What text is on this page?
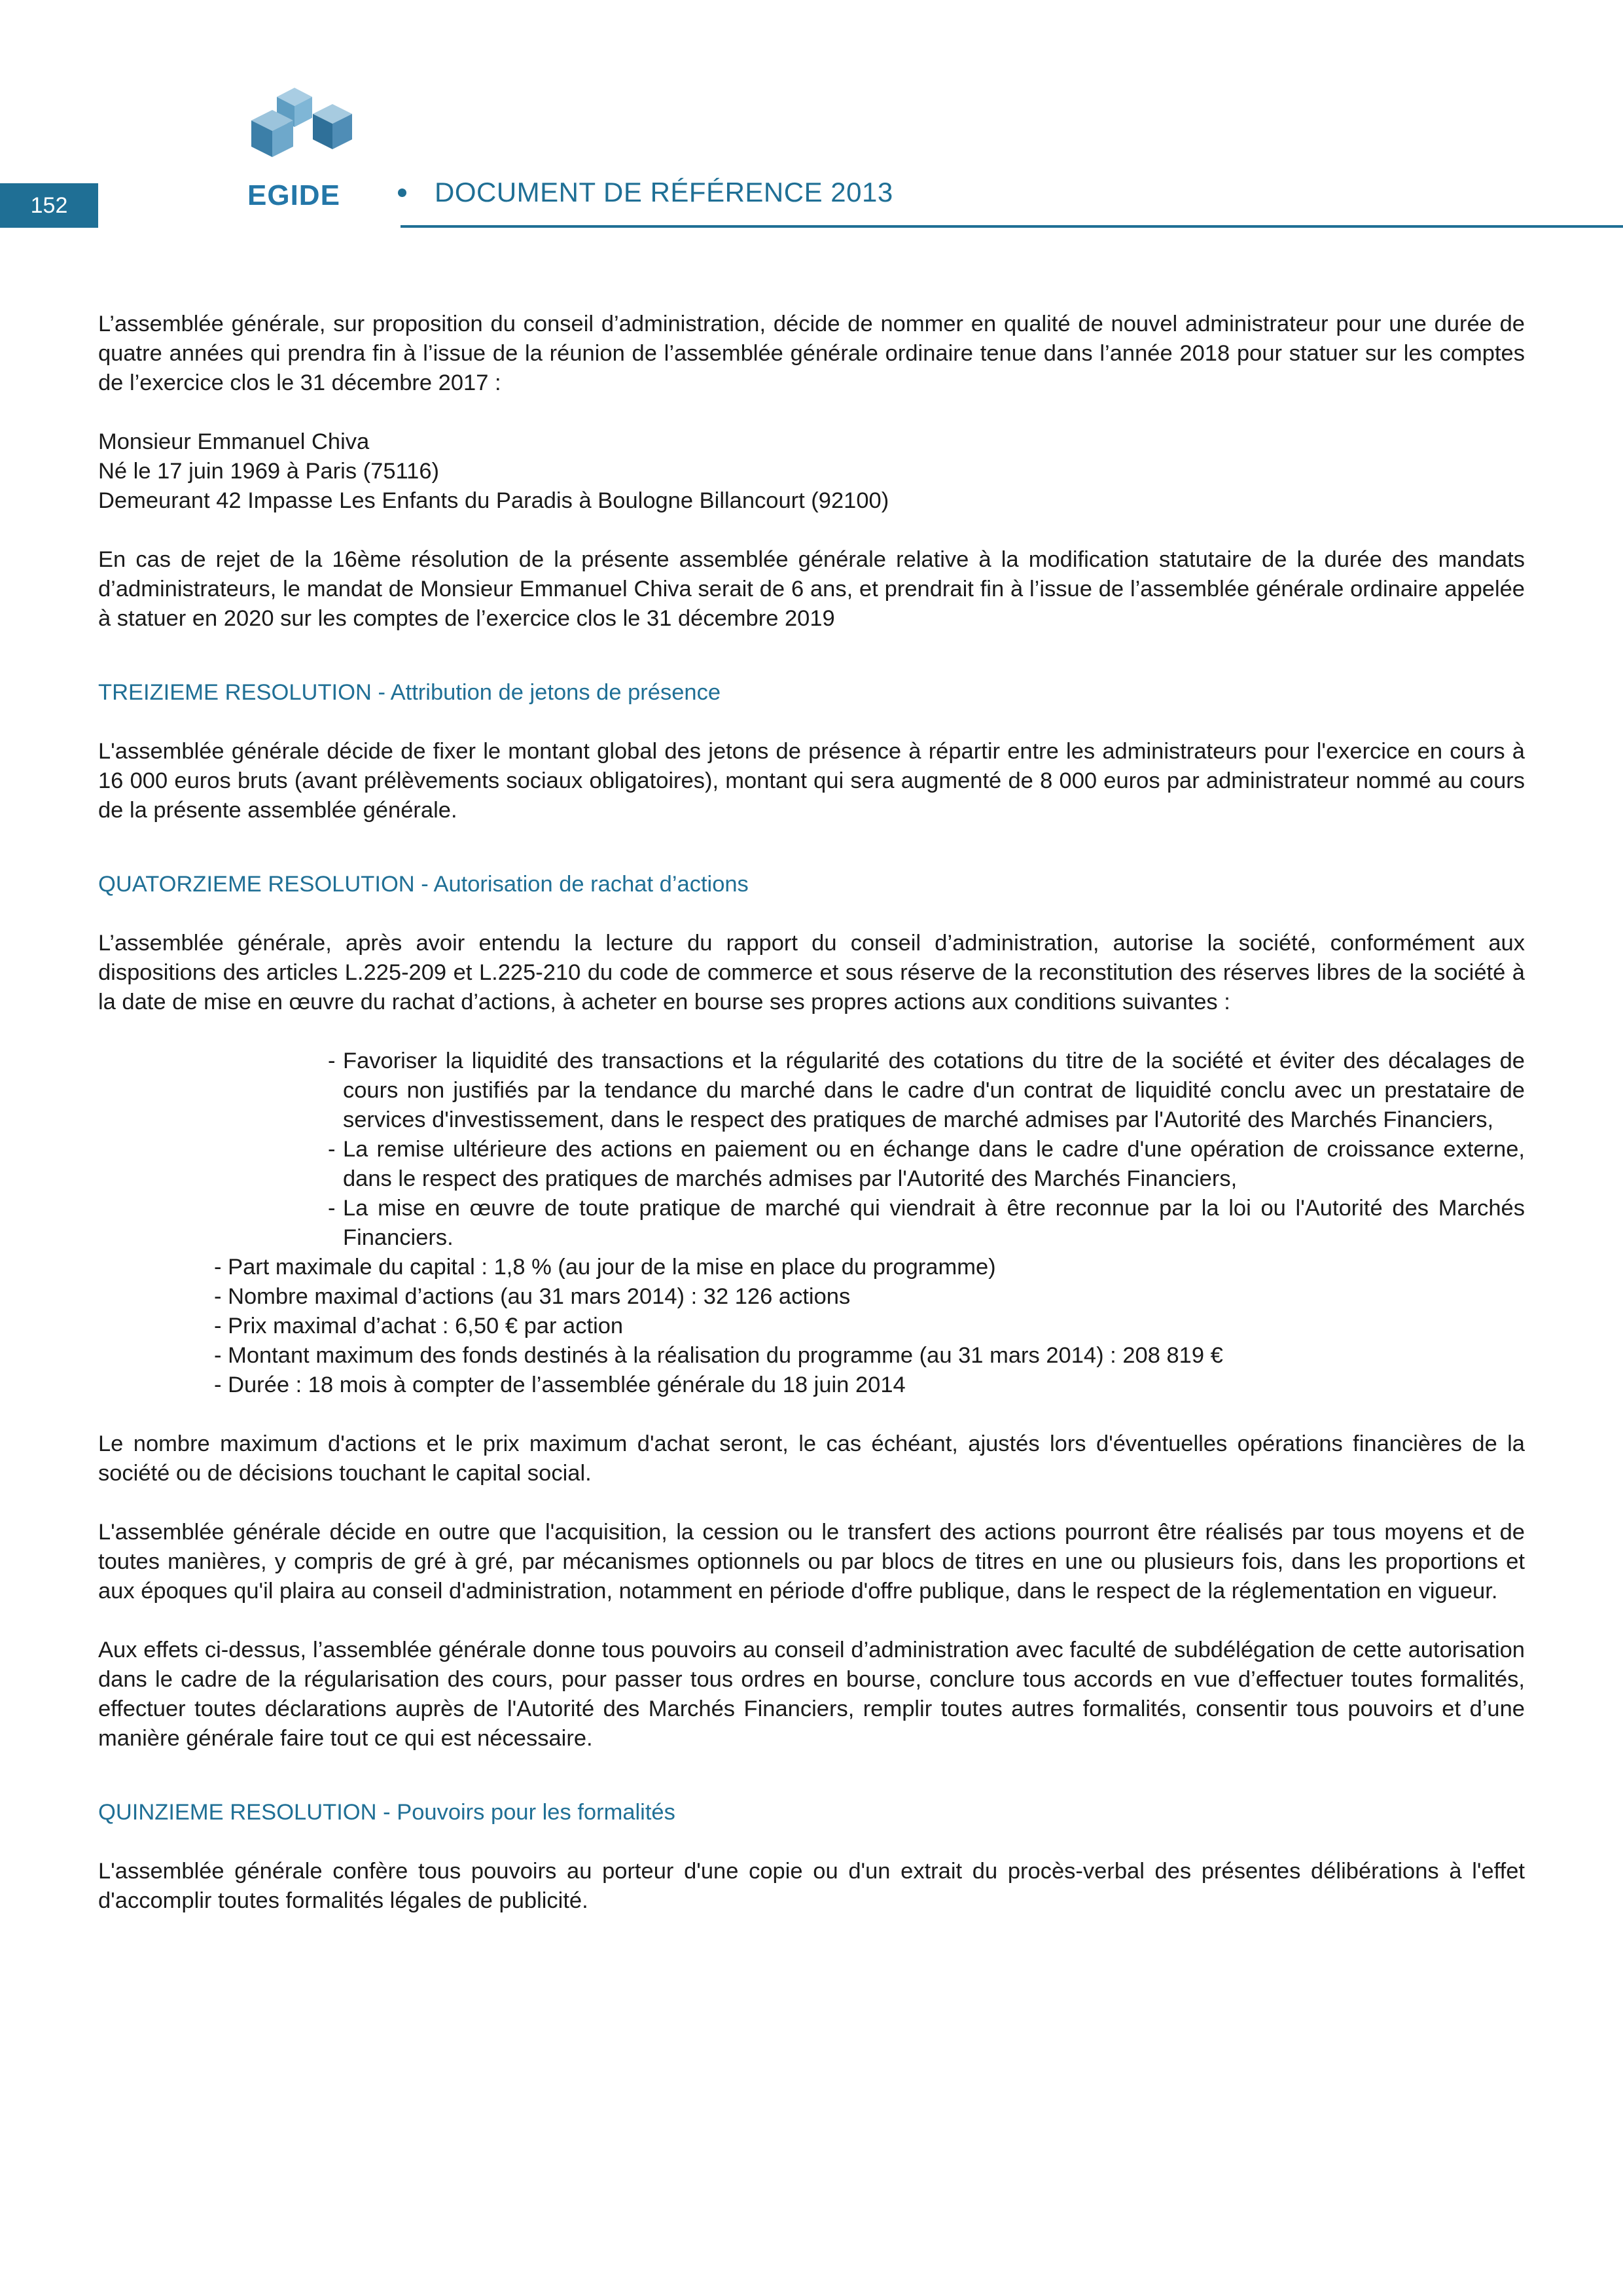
152	EGIDE	DOCUMENT DE RÉFÉRENCE 2013

L’assemblée générale, sur proposition du conseil d’administration, décide de nommer en qualité de nouvel administrateur pour une durée de quatre années qui prendra fin à l’issue de la réunion de l’assemblée générale ordinaire tenue dans l’année 2018 pour statuer sur les comptes de l’exercice clos le 31 décembre 2017 :

Monsieur Emmanuel Chiva

Né le 17 juin 1969 à Paris (75116)

Demeurant 42 Impasse Les Enfants du Paradis à Boulogne Billancourt (92100)

En cas de rejet de la 16ème résolution de la présente assemblée générale relative à la modification statutaire de la durée des mandats d’administrateurs, le mandat de Monsieur Emmanuel Chiva serait de 6 ans, et prendrait fin à l’issue de l’assemblée générale ordinaire appelée à statuer en 2020 sur les comptes de l’exercice clos le 31 décembre 2019

TREIZIEME RESOLUTION - Attribution de jetons de présence

L'assemblée générale décide de fixer le montant global des jetons de présence à répartir entre les administrateurs pour l'exercice en cours à 16 000 euros bruts (avant prélèvements sociaux obligatoires), montant qui sera augmenté de 8 000 euros par administrateur nommé au cours de la présente assemblée générale.

QUATORZIEME RESOLUTION - Autorisation de rachat d’actions

L’assemblée générale, après avoir entendu la lecture du rapport du conseil d’administration, autorise la société, conformément aux dispositions des articles L.225-209 et L.225-210 du code de commerce et sous réserve de la reconstitution des réserves libres de la société à la date de mise en œuvre du rachat d’actions, à acheter en bourse ses propres actions aux conditions suivantes :

- Favoriser la liquidité des transactions et la régularité des cotations du titre de la société et éviter des décalages de cours non justifiés par la tendance du marché dans le cadre d'un contrat de liquidité conclu avec un prestataire de services d'investissement, dans le respect des pratiques de marché admises par l'Autorité des Marchés Financiers,

- La remise ultérieure des actions en paiement ou en échange dans le cadre d'une opération de croissance externe, dans le respect des pratiques de marchés admises par l'Autorité des Marchés Financiers,

- La mise en œuvre de toute pratique de marché qui viendrait à être reconnue par la loi ou l'Autorité des Marchés Financiers.

- Part maximale du capital : 1,8 % (au jour de la mise en place du programme)

- Nombre maximal d’actions (au 31 mars 2014) : 32 126 actions

- Prix maximal d’achat : 6,50 € par action

- Montant maximum des fonds destinés à la réalisation du programme (au 31 mars 2014) : 208 819 €

- Durée : 18 mois à compter de l’assemblée générale du 18 juin 2014

Le nombre maximum d'actions et le prix maximum d'achat seront, le cas échéant, ajustés lors d'éventuelles opérations financières de la société ou de décisions touchant le capital social.

L'assemblée générale décide en outre que l'acquisition, la cession ou le transfert des actions pourront être réalisés par tous moyens et de toutes manières, y compris de gré à gré, par mécanismes optionnels ou par blocs de titres en une ou plusieurs fois, dans les proportions et aux époques qu'il plaira au conseil d'administration, notamment en période d'offre publique, dans le respect de la réglementation en vigueur.

Aux effets ci-dessus, l’assemblée générale donne tous pouvoirs au conseil d’administration avec faculté de subdélégation de cette autorisation dans le cadre de la régularisation des cours, pour passer tous ordres en bourse, conclure tous accords en vue d’effectuer toutes formalités, effectuer toutes déclarations auprès de l'Autorité des Marchés Financiers, remplir toutes autres formalités, consentir tous pouvoirs et d’une manière générale faire tout ce qui est nécessaire.

QUINZIEME RESOLUTION - Pouvoirs pour les formalités

L'assemblée générale confère tous pouvoirs au porteur d'une copie ou d'un extrait du procès-verbal des présentes délibérations à l'effet d'accomplir toutes formalités légales de publicité.
